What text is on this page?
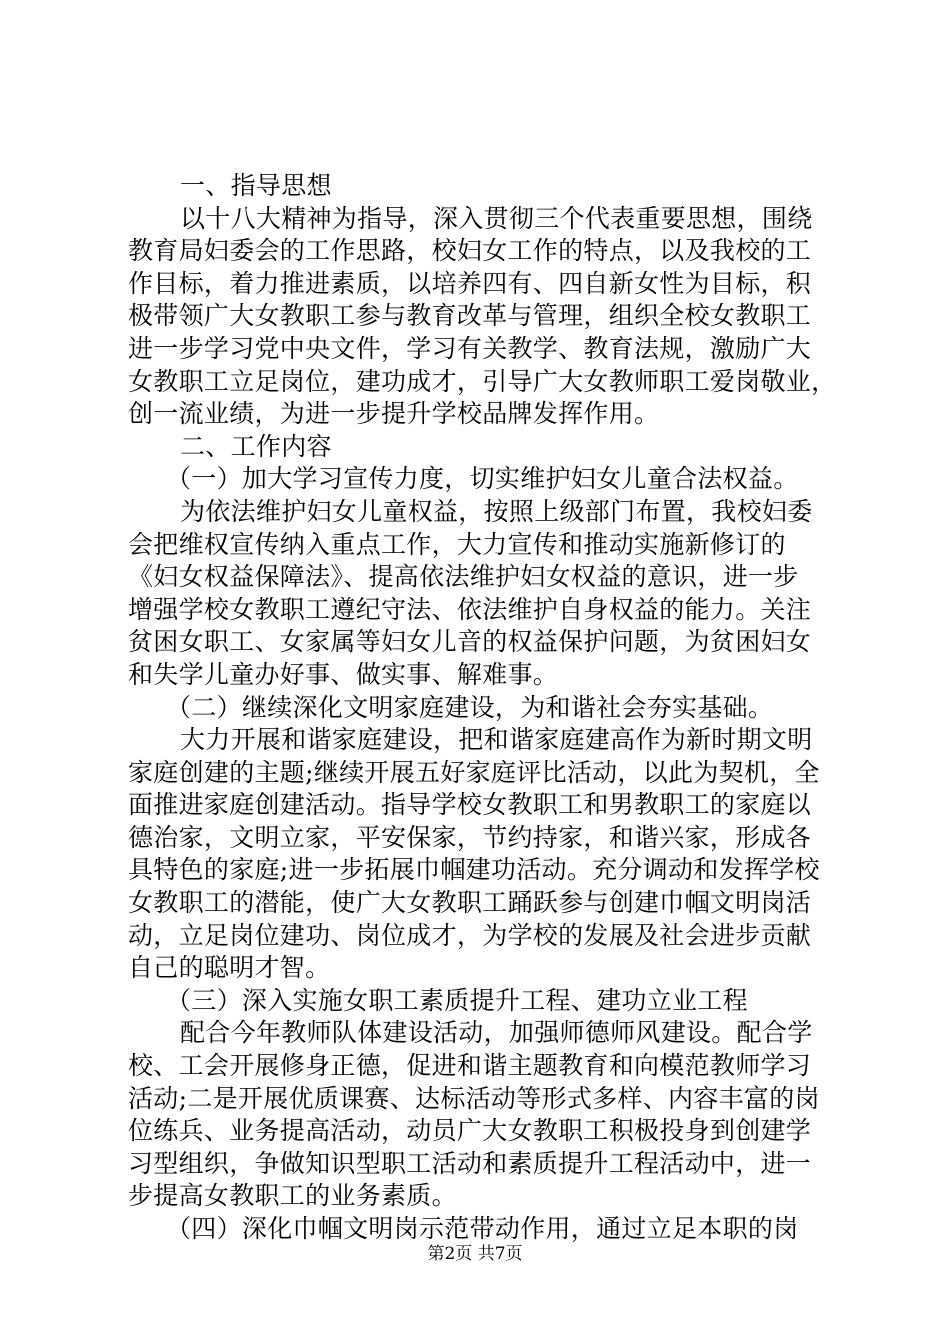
一、指导思想
以十八大精神为指导，深入贯彻三个代表重要思想，围绕
教育局妇委会的工作思路，校妇女工作的特点，以及我校的工
作目标，着力推进素质，以培养四有、四自新女性为目标，积
极带领广大女教职工参与教育改革与管理，组织全校女教职工
进一步学习党中央文件，学习有关教学、教育法规，激励广大
女教职工立足岗位，建功成才，引导广大女教师职工爱岗敬业，
创一流业绩，为进一步提升学校品牌发挥作用。
二、工作内容
（一）加大学习宣传力度，切实维护妇女儿童合法权益。
为依法维护妇女儿童权益，按照上级部门布置，我校妇委
会把维权宣传纳入重点工作，大力宣传和推动实施新修订的
《妇女权益保障法》、提高依法维护妇女权益的意识，进一步
增强学校女教职工遵纪守法、依法维护自身权益的能力。关注
贫困女职工、女家属等妇女儿音的权益保护问题，为贫困妇女
和失学儿童办好事、做实事、解难事。
（二）继续深化文明家庭建设，为和谐社会夯实基础。
大力开展和谐家庭建设，把和谐家庭建高作为新时期文明
家庭创建的主题;继续开展五好家庭评比活动，以此为契机，全
面推进家庭创建活动。指导学校女教职工和男教职工的家庭以
德治家，文明立家，平安保家，节约持家，和谐兴家，形成各
具特色的家庭;进一步拓展巾帼建功活动。充分调动和发挥学校
女教职工的潜能，使广大女教职工踊跃参与创建巾帼文明岗活
动，立足岗位建功、岗位成才，为学校的发展及社会进步贡献
自己的聪明才智。
（三）深入实施女职工素质提升工程、建功立业工程
配合今年教师队体建设活动，加强师德师风建设。配合学
校、工会开展修身正德，促进和谐主题教育和向模范教师学习
活动;二是开展优质课赛、达标活动等形式多样、内容丰富的岗
位练兵、业务提高活动，动员广大女教职工积极投身到创建学
习型组织，争做知识型职工活动和素质提升工程活动中，进一
步提高女教职工的业务素质。
（四）深化巾帼文明岗示范带动作用，通过立足本职的岗
第2页 共7页
